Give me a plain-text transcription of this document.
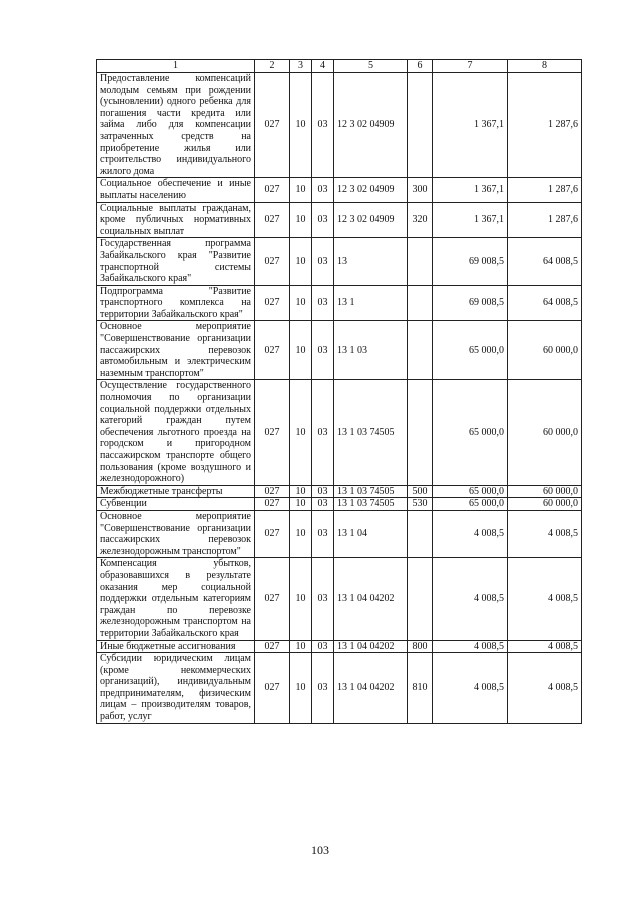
1	2	3	4	5	6	7	8
Предоставление компенсаций молодым семьям при рождении (усыновлении) одного ребенка для погашения части кредита или займа либо для компенсации затраченных средств на приобретение жилья или строительство индивидуального жилого дома	027	10	03	12 3 02 04909		1 367,1	1 287,6
Социальное обеспечение и иные выплаты населению	027	10	03	12 3 02 04909	300	1 367,1	1 287,6
Социальные выплаты гражданам, кроме публичных нормативных социальных выплат	027	10	03	12 3 02 04909	320	1 367,1	1 287,6
Государственная программа Забайкальского края "Развитие транспортной системы Забайкальского края"	027	10	03	13		69 008,5	64 008,5
Подпрограмма "Развитие транспортного комплекса на территории Забайкальского края"	027	10	03	13 1		69 008,5	64 008,5
Основное мероприятие "Совершенствование организации пассажирских перевозок автомобильным и электрическим наземным транспортом"	027	10	03	13 1 03		65 000,0	60 000,0
Осуществление государственного полномочия по организации социальной поддержки отдельных категорий граждан путем обеспечения льготного проезда на городском и пригородном пассажирском транспорте общего пользования (кроме воздушного и железнодорожного)	027	10	03	13 1 03 74505		65 000,0	60 000,0
Межбюджетные трансферты	027	10	03	13 1 03 74505	500	65 000,0	60 000,0
Субвенции	027	10	03	13 1 03 74505	530	65 000,0	60 000,0
Основное мероприятие "Совершенствование организации пассажирских перевозок железнодорожным транспортом"	027	10	03	13 1 04		4 008,5	4 008,5
Компенсация убытков, образовавшихся в результате оказания мер социальной поддержки отдельным категориям граждан по перевозке железнодорожным транспортом на территории Забайкальского края	027	10	03	13 1 04 04202		4 008,5	4 008,5
Иные бюджетные ассигнования	027	10	03	13 1 04 04202	800	4 008,5	4 008,5
Субсидии юридическим лицам (кроме некоммерческих организаций), индивидуальным предпринимателям, физическим лицам – производителям товаров, работ, услуг	027	10	03	13 1 04 04202	810	4 008,5	4 008,5
103
